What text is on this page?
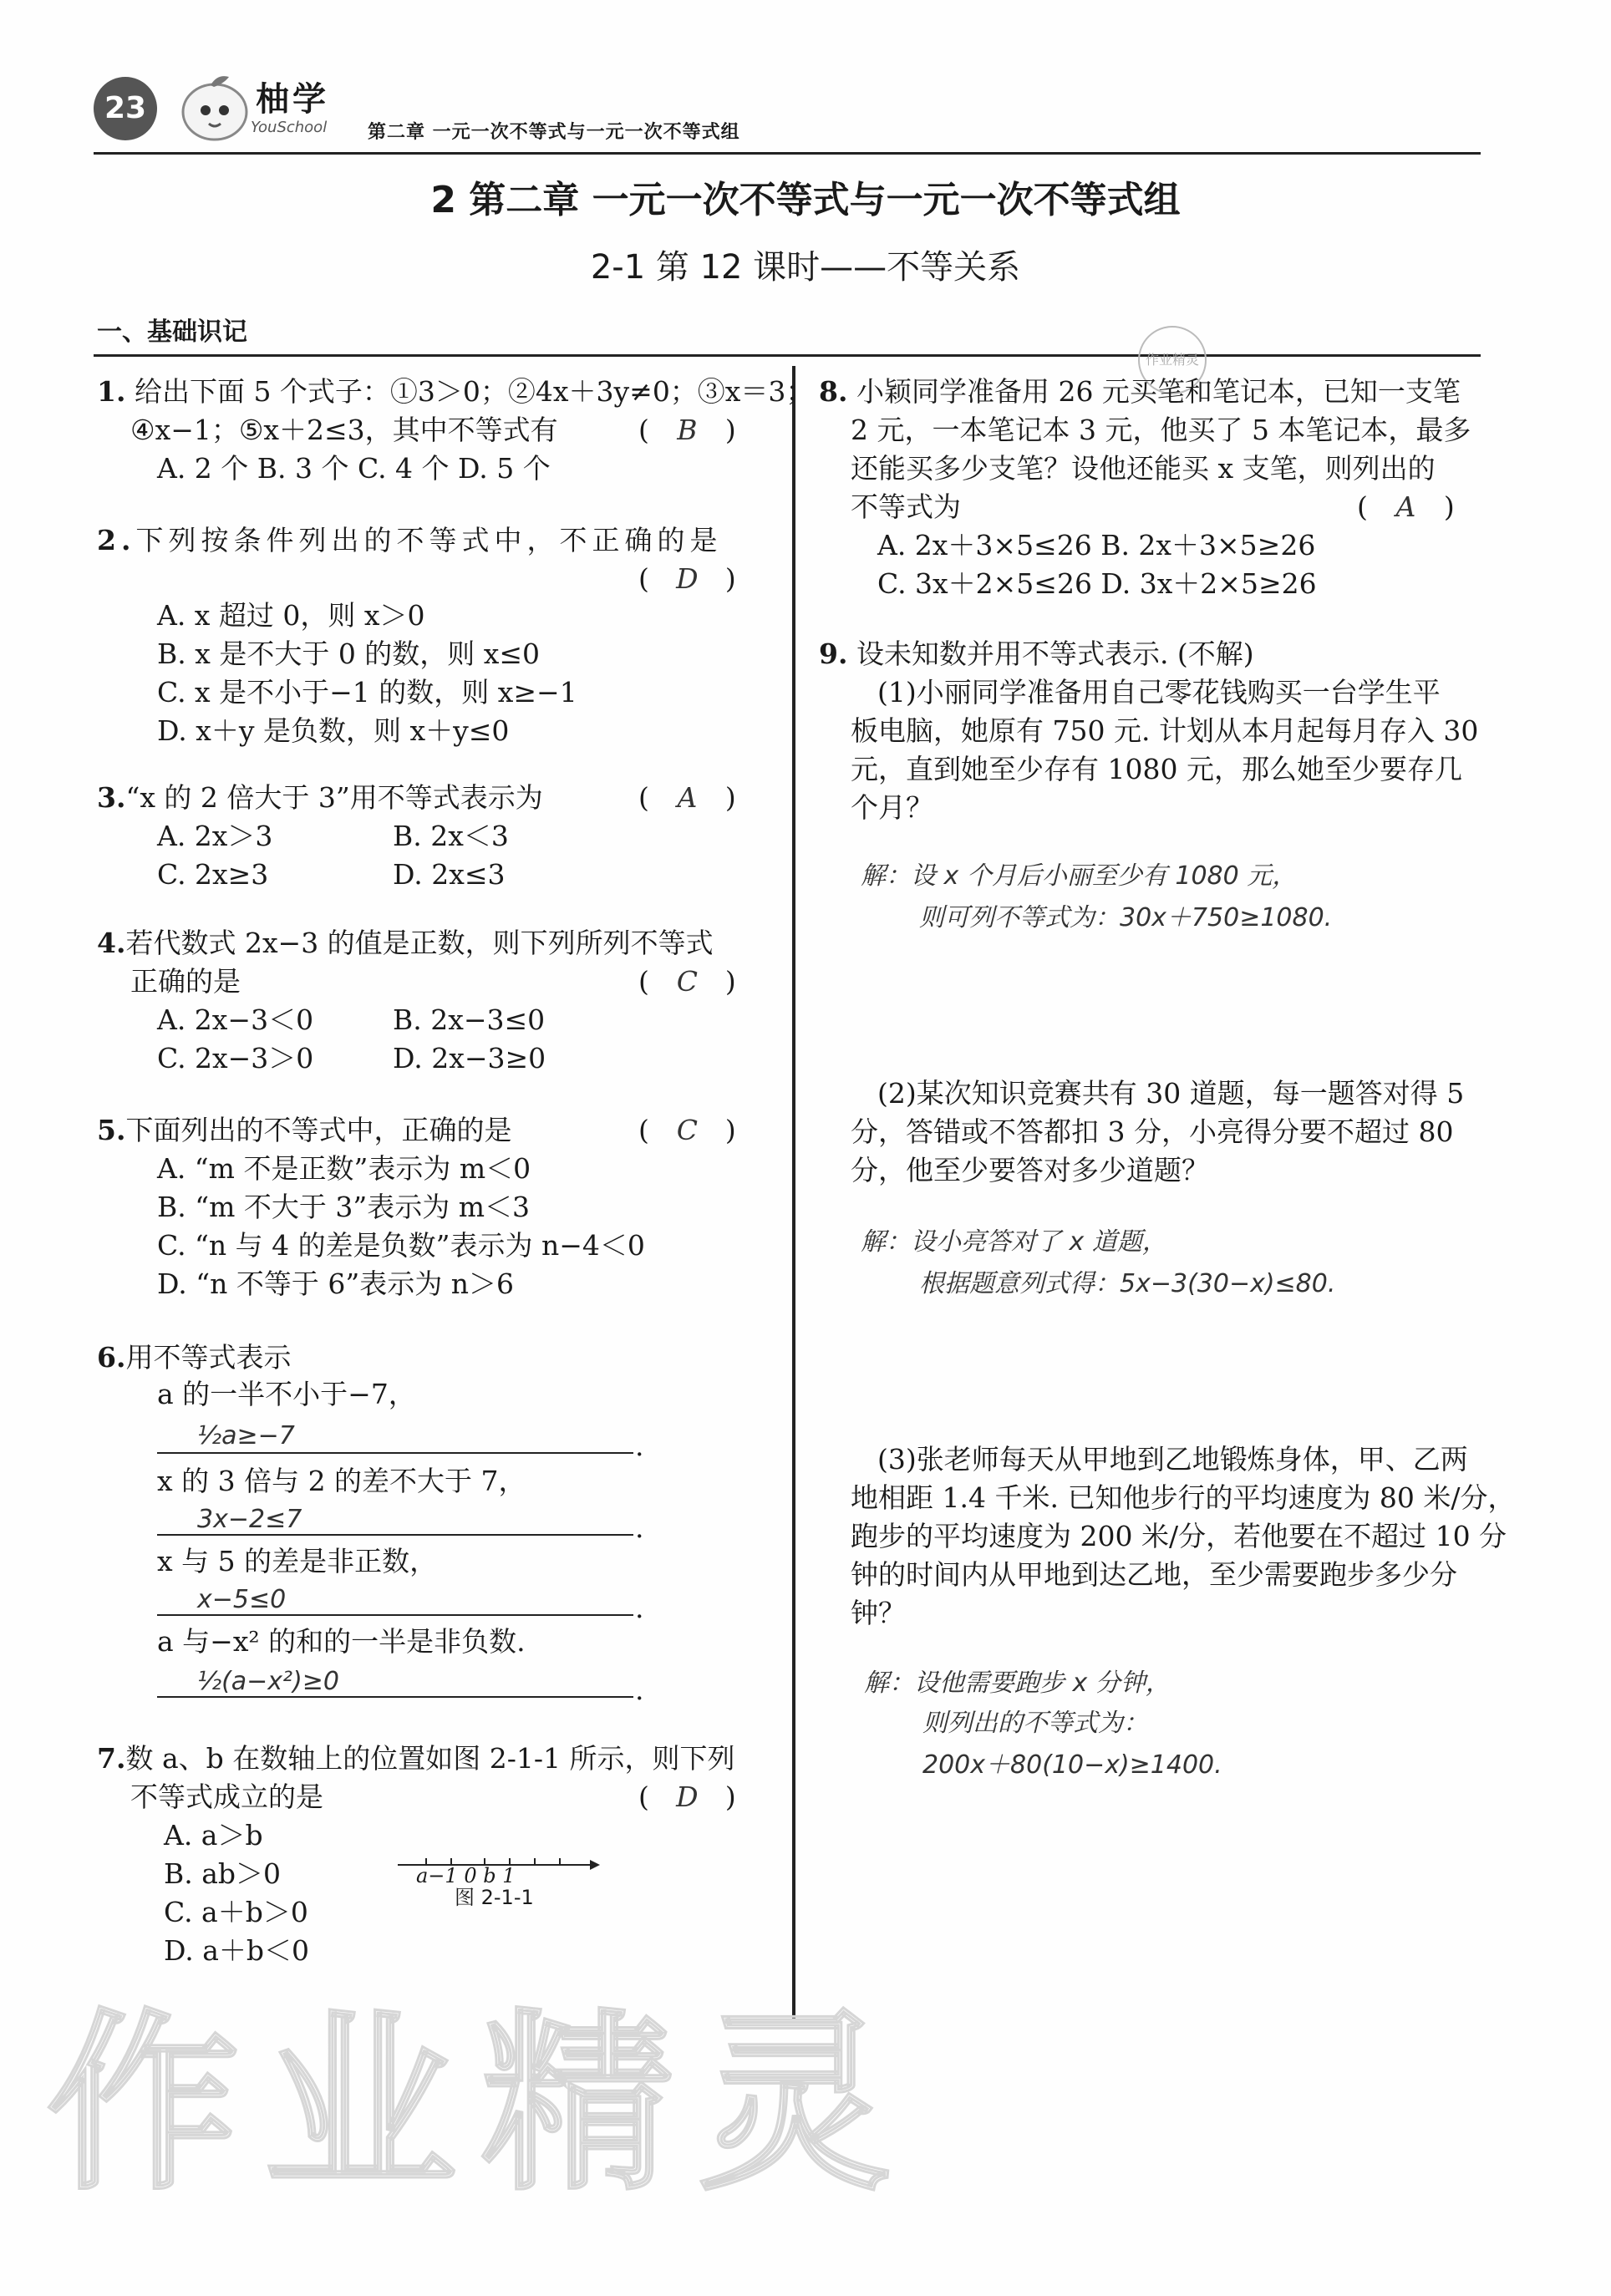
23	柚学
YouSchool 第二章 一元一次不等式与一元一次不等式组
2 第二章 一元一次不等式与一元一次不等式组
2-1 第 12 课时——不等关系
一、基础识记
1. 给出下面 5 个式子：①3＞0；②4x＋3y≠0；③x＝3；
④x−1；⑤x＋2≤3，其中不等式有	( B )
A. 2 个 B. 3 个 C. 4 个 D. 5 个
2.下列按条件列出的不等式中，不正确的是
( D )
A. x 超过 0，则 x＞0
B. x 是不大于 0 的数，则 x≤0
C. x 是不小于−1 的数，则 x≥−1
D. x＋y 是负数，则 x＋y≤0
3.“x 的 2 倍大于 3”用不等式表示为	( A )
A. 2x＞3	B. 2x＜3
C. 2x≥3	D. 2x≤3
4.若代数式 2x−3 的值是正数，则下列所列不等式
正确的是	( C )
A. 2x−3＜0	B. 2x−3≤0
C. 2x−3＞0	D. 2x−3≥0
5.下面列出的不等式中，正确的是	( C )
A. “m 不是正数”表示为 m＜0
B. “m 不大于 3”表示为 m＜3
C. “n 与 4 的差是负数”表示为 n−4＜0
D. “n 不等于 6”表示为 n＞6
6.用不等式表示
a 的一半不小于−7，
½a≥−7	.
x 的 3 倍与 2 的差不大于 7，
3x−2≤7	.
x 与 5 的差是非正数，
x−5≤0	.
a 与−x² 的和的一半是非负数.
½(a−x²)≥0	.
7.数 a、b 在数轴上的位置如图 2-1-1 所示，则下列
不等式成立的是	( D )
A. a＞b
B. ab＞0
C. a＋b＞0
D. a＋b＜0
a−1 0 b 1
图 2-1-1
作业精灵
8. 小颖同学准备用 26 元买笔和笔记本，已知一支笔
2 元，一本笔记本 3 元，他买了 5 本笔记本，最多
还能买多少支笔？设他还能买 x 支笔，则列出的
不等式为	( A )
A. 2x＋3×5≤26 B. 2x＋3×5≥26
C. 3x＋2×5≤26 D. 3x＋2×5≥26
9. 设未知数并用不等式表示. (不解)
(1)小丽同学准备用自己零花钱购买一台学生平
板电脑，她原有 750 元. 计划从本月起每月存入 30
元，直到她至少存有 1080 元，那么她至少要存几
个月？
解：设 x 个月后小丽至少有 1080 元，
则可列不等式为：30x＋750≥1080.
(2)某次知识竞赛共有 30 道题，每一题答对得 5
分，答错或不答都扣 3 分，小亮得分要不超过 80
分，他至少要答对多少道题？
解：设小亮答对了 x 道题，
根据题意列式得：5x−3(30−x)≤80.
(3)张老师每天从甲地到乙地锻炼身体，甲、乙两
地相距 1.4 千米. 已知他步行的平均速度为 80 米/分，
跑步的平均速度为 200 米/分，若他要在不超过 10 分
钟的时间内从甲地到达乙地，至少需要跑步多少分
钟？
解：设他需要跑步 x 分钟，
则列出的不等式为：
200x＋80(10−x)≥1400.
作业精灵
